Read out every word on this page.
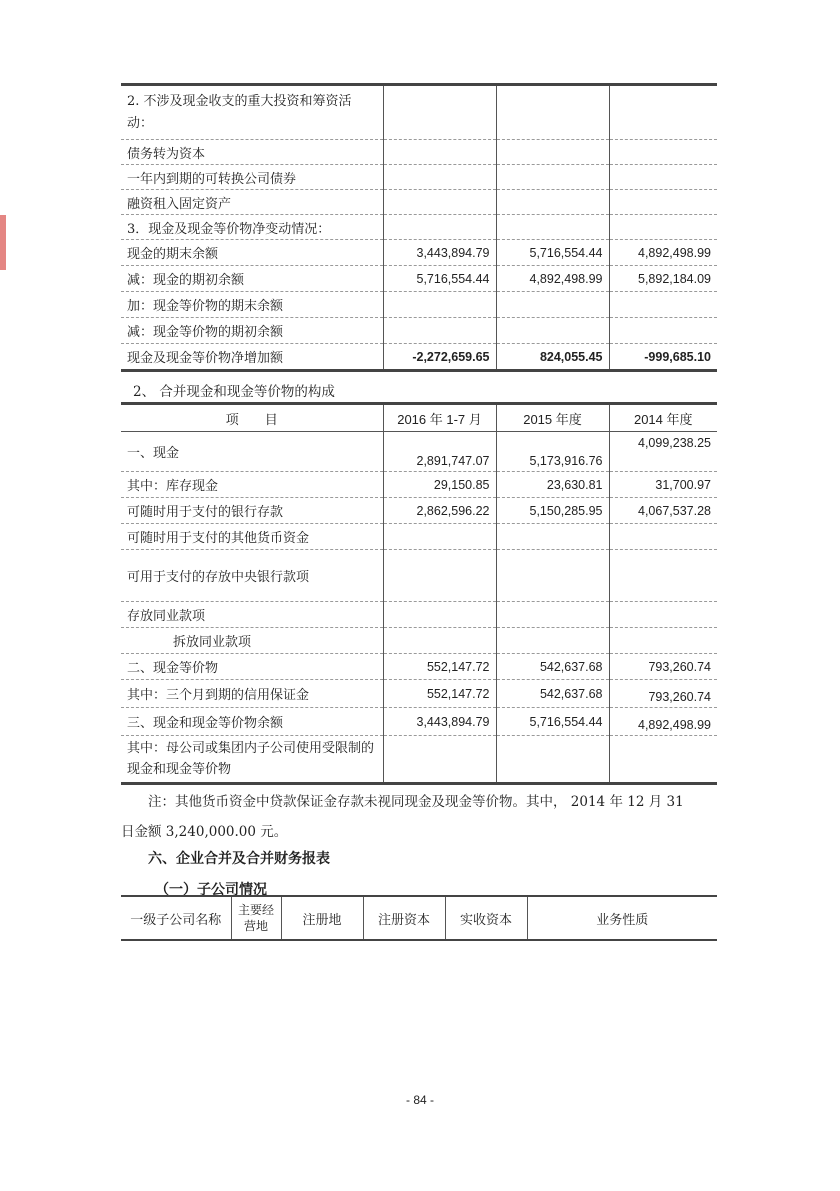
2. 不涉及现金收支的重大投资和筹资活动：			
债务转为资本			
一年内到期的可转换公司债券			
融资租入固定资产			
3．现金及现金等价物净变动情况：			
现金的期末余额	3,443,894.79	5,716,554.44	4,892,498.99
减：现金的期初余额	5,716,554.44	4,892,498.99	5,892,184.09
加：现金等价物的期末余额			
减：现金等价物的期初余额			
现金及现金等价物净增加额	-2,272,659.65	824,055.45	-999,685.10
2、 合并现金和现金等价物的构成
项　　目	2016 年 1-7 月	2015 年度	2014 年度
一、现金	2,891,747.07	5,173,916.76	4,099,238.25
其中：库存现金	29,150.85	23,630.81	31,700.97
可随时用于支付的银行存款	2,862,596.22	5,150,285.95	4,067,537.28
可随时用于支付的其他货币资金			
可用于支付的存放中央银行款项			
存放同业款项			
拆放同业款项			
二、现金等价物	552,147.72	542,637.68	793,260.74
其中：三个月到期的信用保证金	552,147.72	542,637.68	793,260.74
三、现金和现金等价物余额	3,443,894.79	5,716,554.44	4,892,498.99
其中：母公司或集团内子公司使用受限制的现金和现金等价物			
注：其他货币资金中贷款保证金存款未视同现金及现金等价物。其中， 2014 年 12 月 31
日金额 3,240,000.00 元。
六、企业合并及合并财务报表
（一）子公司情况
一级子公司名称	主要经营地	注册地	注册资本	实收资本	业务性质
- 84 -
